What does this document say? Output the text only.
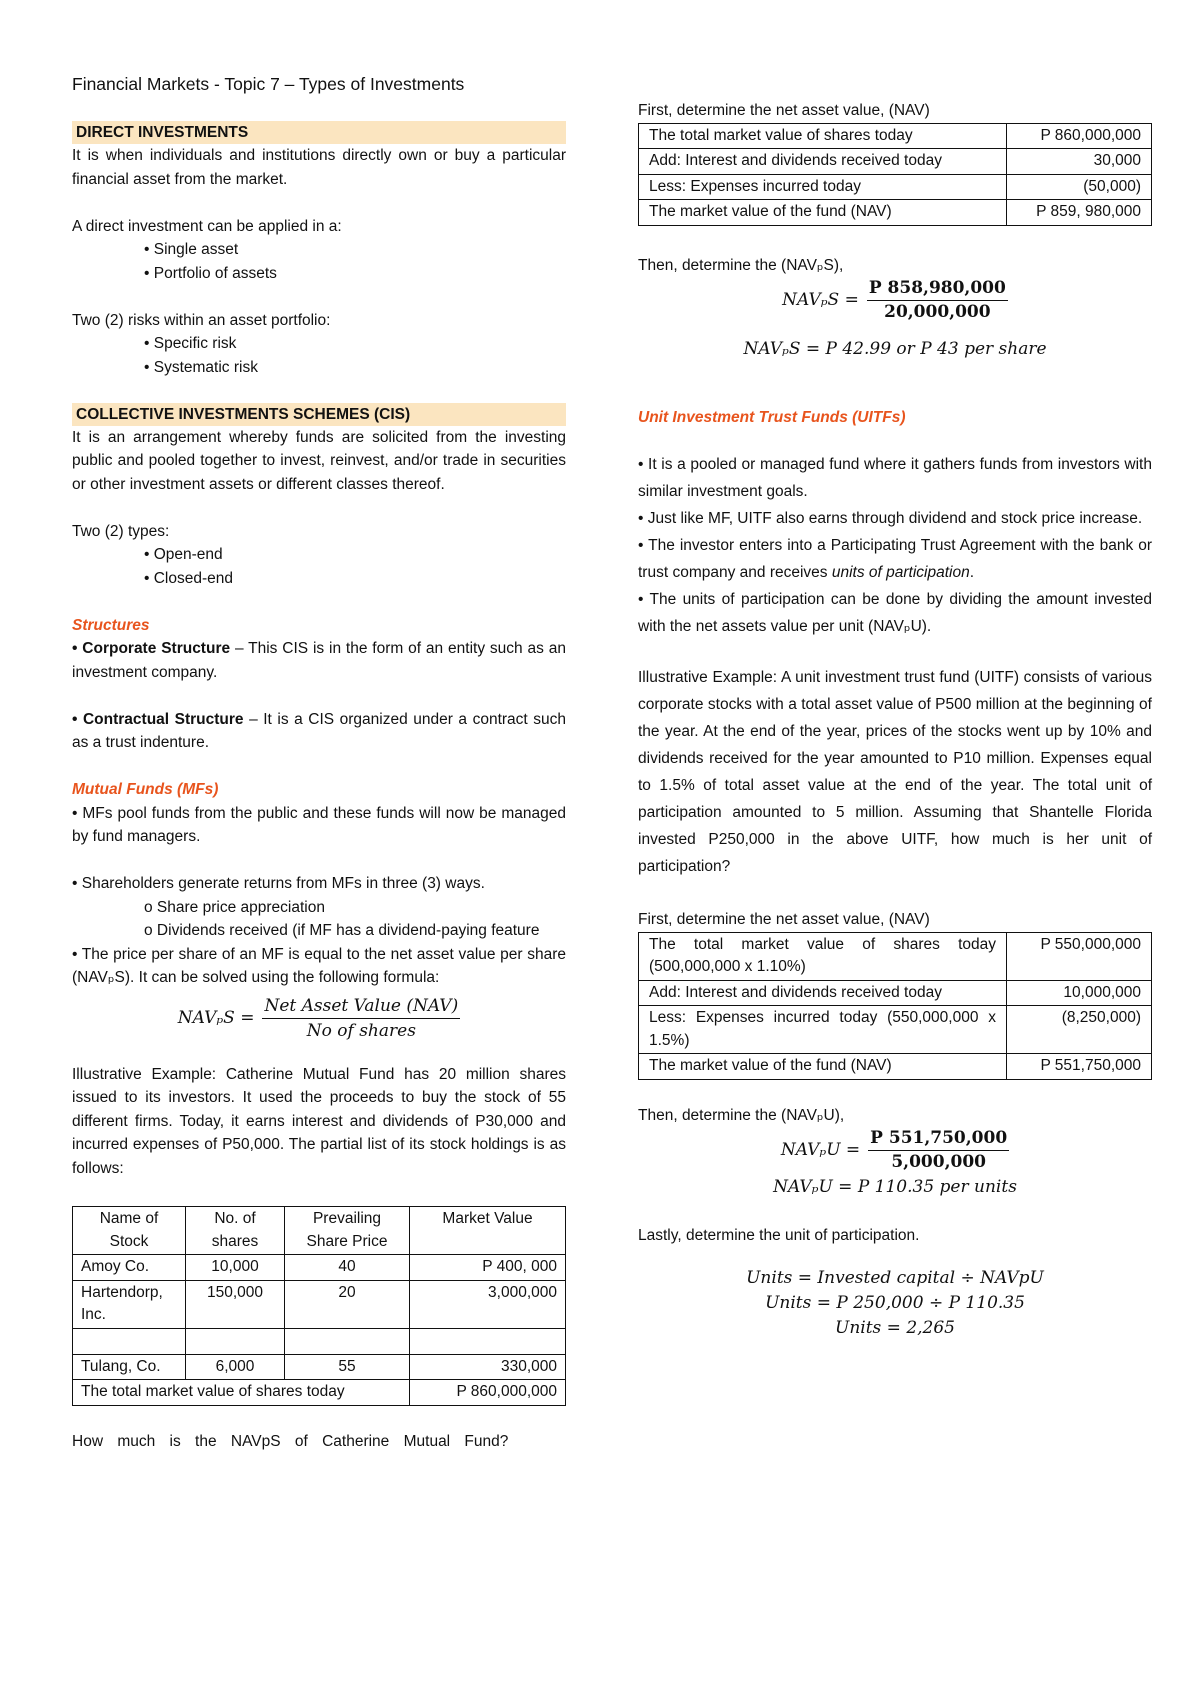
Financial Markets - Topic 7 – Types of Investments
DIRECT INVESTMENTS

It is when individuals and institutions directly own or buy a particular financial asset from the market.

A direct investment can be applied in a:

• Single asset

• Portfolio of assets

Two (2) risks within an asset portfolio:

• Specific risk

• Systematic risk

COLLECTIVE INVESTMENTS SCHEMES (CIS)

It is an arrangement whereby funds are solicited from the investing public and pooled together to invest, reinvest, and/or trade in securities or other investment assets or different classes thereof.

Two (2) types:

• Open-end

• Closed-end

Structures

• Corporate Structure – This CIS is in the form of an entity such as an investment company.

• Contractual Structure – It is a CIS organized under a contract such as a trust indenture.

Mutual Funds (MFs)

• MFs pool funds from the public and these funds will now be managed by fund managers.

• Shareholders generate returns from MFs in three (3) ways.

o Share price appreciation

o Dividends received (if MF has a dividend-paying feature

• The price per share of an MF is equal to the net asset value per share (NAVₚS). It can be solved using the following formula:

$NAV_pS = \frac{\text{Net Asset Value (NAV)}}{\text{No of shares}}$

Illustrative Example: Catherine Mutual Fund has 20 million shares issued to its investors. It used the proceeds to buy the stock of 55 different firms. Today, it earns interest and dividends of P30,000 and incurred expenses of P50,000. The partial list of its stock holdings is as follows:

Name of Stock	No. of shares	Prevailing Share Price	Market Value
Amoy Co.	10,000	40	P 400, 000
Hartendorp, Inc.	150,000	20	3,000,000

Tulang, Co.	6,000	55	330,000
The total market value of shares today			P 860,000,000

How much is the NAVpS of Catherine Mutual Fund?

First, determine the net asset value, (NAV)

The total market value of shares today	P 860,000,000
Add: Interest and dividends received today	30,000
Less: Expenses incurred today	(50,000)
The market value of the fund (NAV)	P 859, 980,000

Then, determine the (NAVₚS),

$NAV_pS = \frac{P 858,980,000}{20,000,000}$

NAVₚS = P 42.99 or P 43 per share

Unit Investment Trust Funds (UITFs)

• It is a pooled or managed fund where it gathers funds from investors with similar investment goals.

• Just like MF, UITF also earns through dividend and stock price increase.

• The investor enters into a Participating Trust Agreement with the bank or trust company and receives units of participation.

• The units of participation can be done by dividing the amount invested with the net assets value per unit (NAVₚU).

Illustrative Example: A unit investment trust fund (UITF) consists of various corporate stocks with a total asset value of P500 million at the beginning of the year. At the end of the year, prices of the stocks went up by 10% and dividends received for the year amounted to P10 million. Expenses equal to 1.5% of total asset value at the end of the year. The total unit of participation amounted to 5 million. Assuming that Shantelle Florida invested P250,000 in the above UITF, how much is her unit of participation?

First, determine the net asset value, (NAV)

The total market value of shares today (500,000,000 x 1.10%)	P 550,000,000
Add: Interest and dividends received today	10,000,000
Less: Expenses incurred today (550,000,000 x 1.5%)	(8,250,000)
The market value of the fund (NAV)	P 551,750,000

Then, determine the (NAVₚU),

$NAV_pU = \frac{P 551,750,000}{5,000,000}$

NAVₚU = P 110.35 per units

Lastly, determine the unit of participation.

Units = Invested capital ÷ NAVpU

Units = P 250,000 ÷ P 110.35

Units = 2,265
